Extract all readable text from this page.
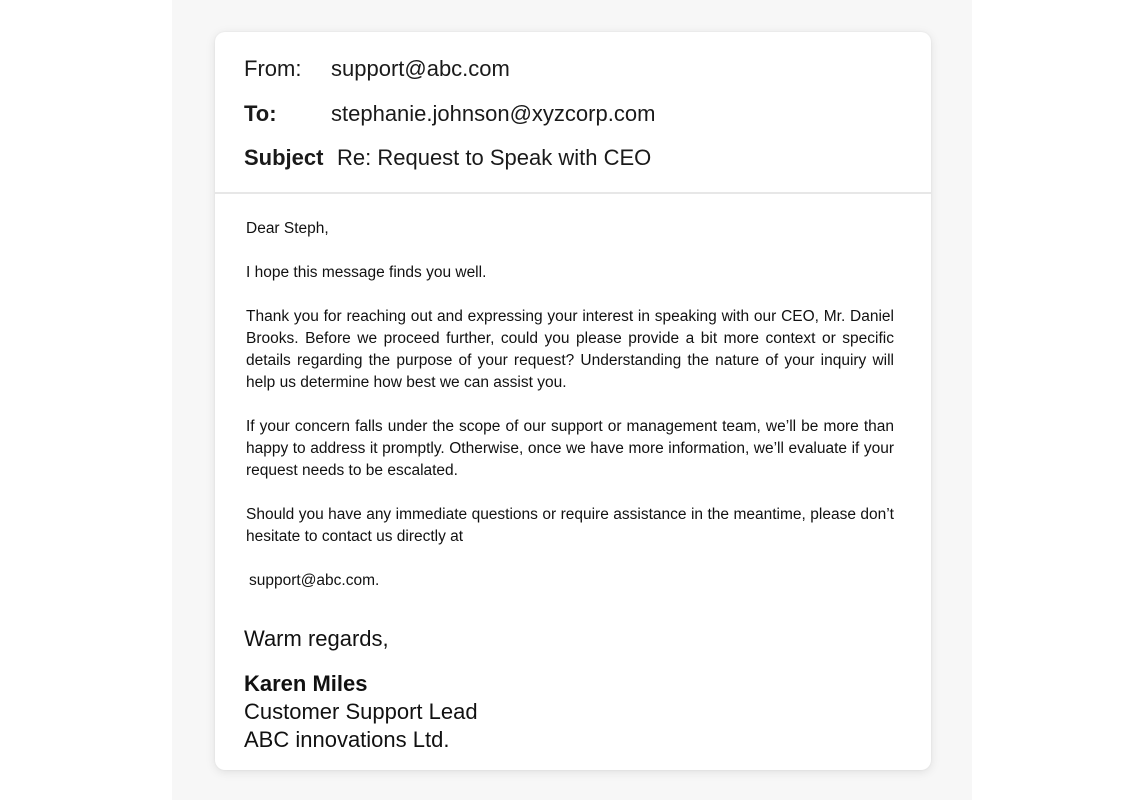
From: support@abc.com
To: stephanie.johnson@xyzcorp.com
Subject Re: Request to Speak with CEO
Dear Steph,
I hope this message finds you well.
Thank you for reaching out and expressing your interest in speaking with our CEO, Mr. Daniel Brooks. Before we proceed further, could you please provide a bit more context or specific details regarding the purpose of your request? Understanding the nature of your inquiry will help us determine how best we can assist you.
If your concern falls under the scope of our support or management team, we’ll be more than happy to address it promptly. Otherwise, once we have more information, we’ll evaluate if your request needs to be escalated.
Should you have any immediate questions or require assistance in the meantime, please don’t hesitate to contact us directly at
support@abc.com.
Warm regards,
Karen Miles
Customer Support Lead
ABC innovations Ltd.
